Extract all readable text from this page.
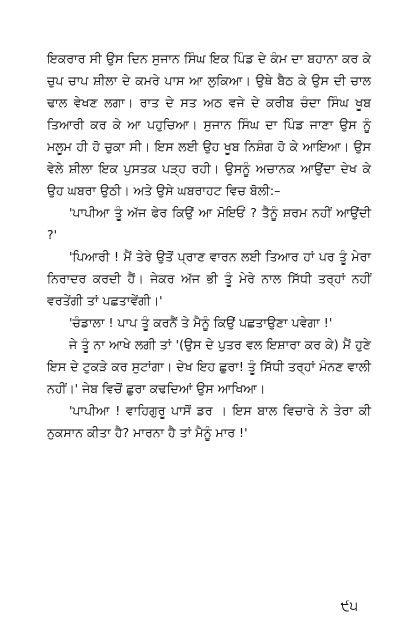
ਇਕਰਾਰ ਸੀ ਉਸ ਦਿਨ ਸੁਜਾਨ ਸਿੰਘ ਇਕ ਪਿੰਡ ਦੇ ਕੰਮ ਦਾ ਬਹਾਨਾ ਕਰ ਕੇ ਚੁਪ ਚਾਪ ਸ਼ੀਲਾ ਦੇ ਕਮਰੇ ਪਾਸ ਆ ਲੁਕਿਆ। ਉਥੇ ਬੈਠ ਕੇ ਉਸ ਦੀ ਚਾਲ ਢਾਲ ਵੇਖਣ ਲਗਾ। ਰਾਤ ਦੇ ਸਤ ਅਠ ਵਜੇ ਦੇ ਕਰੀਬ ਚੰਦਾ ਸਿੰਘ ਖੂਬ ਤਿਆਰੀ ਕਰ ਕੇ ਆ ਪਹੁਚਿਆ। ਸੁਜਾਨ ਸਿੰਘ ਦਾ ਪਿੰਡ ਜਾਣਾ ਉਸ ਨੂੰ ਮਲੂਮ ਹੀ ਹੋ ਚੁਕਾ ਸੀ। ਇਸ ਲਈ ਉਹ ਖੂਬ ਨਿਸ਼ੰਗ ਹੋ ਕੇ ਆਇਆ। ਉਸ ਵੇਲੇ ਸ਼ੀਲਾ ਇਕ ਪੁਸਤਕ ਪੜ੍ਹ ਰਹੀ। ਉਸਨੂੰ ਅਚਾਨਕ ਆਉਂਦਾ ਦੇਖ ਕੇ ਉਹ ਘਬਰਾ ਉਠੀ। ਅਤੇ ਉਸੇ ਘਬਰਾਹਟ ਵਿਚ ਬੋਲੀ:–

'ਪਾਪੀਆ ਤੂੰ ਅੱਜ ਫੇਰ ਕਿਉਂ ਆ ਮੋਇਓਂ ? ਤੈਨੂੰ ਸ਼ਰਮ ਨਹੀਂ ਆਉਂਦੀ ?'

'ਪਿਆਰੀ ! ਮੈਂ ਤੇਰੇ ਉਤੋਂ ਪ੍ਰਾਣ ਵਾਰਨ ਲਈ ਤਿਆਰ ਹਾਂ ਪਰ ਤੂੰ ਮੇਰਾ ਨਿਰਾਦਰ ਕਰਦੀ ਹੈਂ। ਜੇਕਰ ਅੱਜ ਭੀ ਤੂੰ ਮੇਰੇ ਨਾਲ ਸਿੱਧੀ ਤਰ੍ਹਾਂ ਨਹੀਂ ਵਰਤੇਂਗੀ ਤਾਂ ਪਛਤਾਵੇਂਗੀ।'

'ਚੰਡਾਲਾ ! ਪਾਪ ਤੂੰ ਕਰਨੈਂ ਤੇ ਮੈਨੂੰ ਕਿਉਂ ਪਛਤਾਉਣਾ ਪਵੇਗਾ !'

ਜੇ ਤੂੰ ਨਾ ਆਖੇ ਲਗੀ ਤਾਂ '(ਉਸ ਦੇ ਪੁਤਰ ਵਲ ਇਸ਼ਾਰਾ ਕਰ ਕੇ) ਮੈਂ ਹੁਣੇ ਇਸ ਦੇ ਟੁਕੜੇ ਕਰ ਸੁਟਾਂਗਾ। ਦੇਖ ਇਹ ਛੁਰਾ! ਤੂੰ ਸਿੱਧੀ ਤਰ੍ਹਾਂ ਮੰਨਣ ਵਾਲੀ ਨਹੀਂ।' ਜੇਬ ਵਿਚੋਂ ਛੁਰਾ ਕਢਦਿਆਂ ਉਸ ਆਖਿਆ।

'ਪਾਪੀਆ ! ਵਾਹਿਗੁਰੂ ਪਾਸੋਂ ਡਰ । ਇਸ ਬਾਲ ਵਿਚਾਰੇ ਨੇ ਤੇਰਾ ਕੀ ਨੁਕਸਾਨ ਕੀਤਾ ਹੈ? ਮਾਰਨਾ ਹੈ ਤਾਂ ਮੈਨੂੰ ਮਾਰ !'

੯੫
